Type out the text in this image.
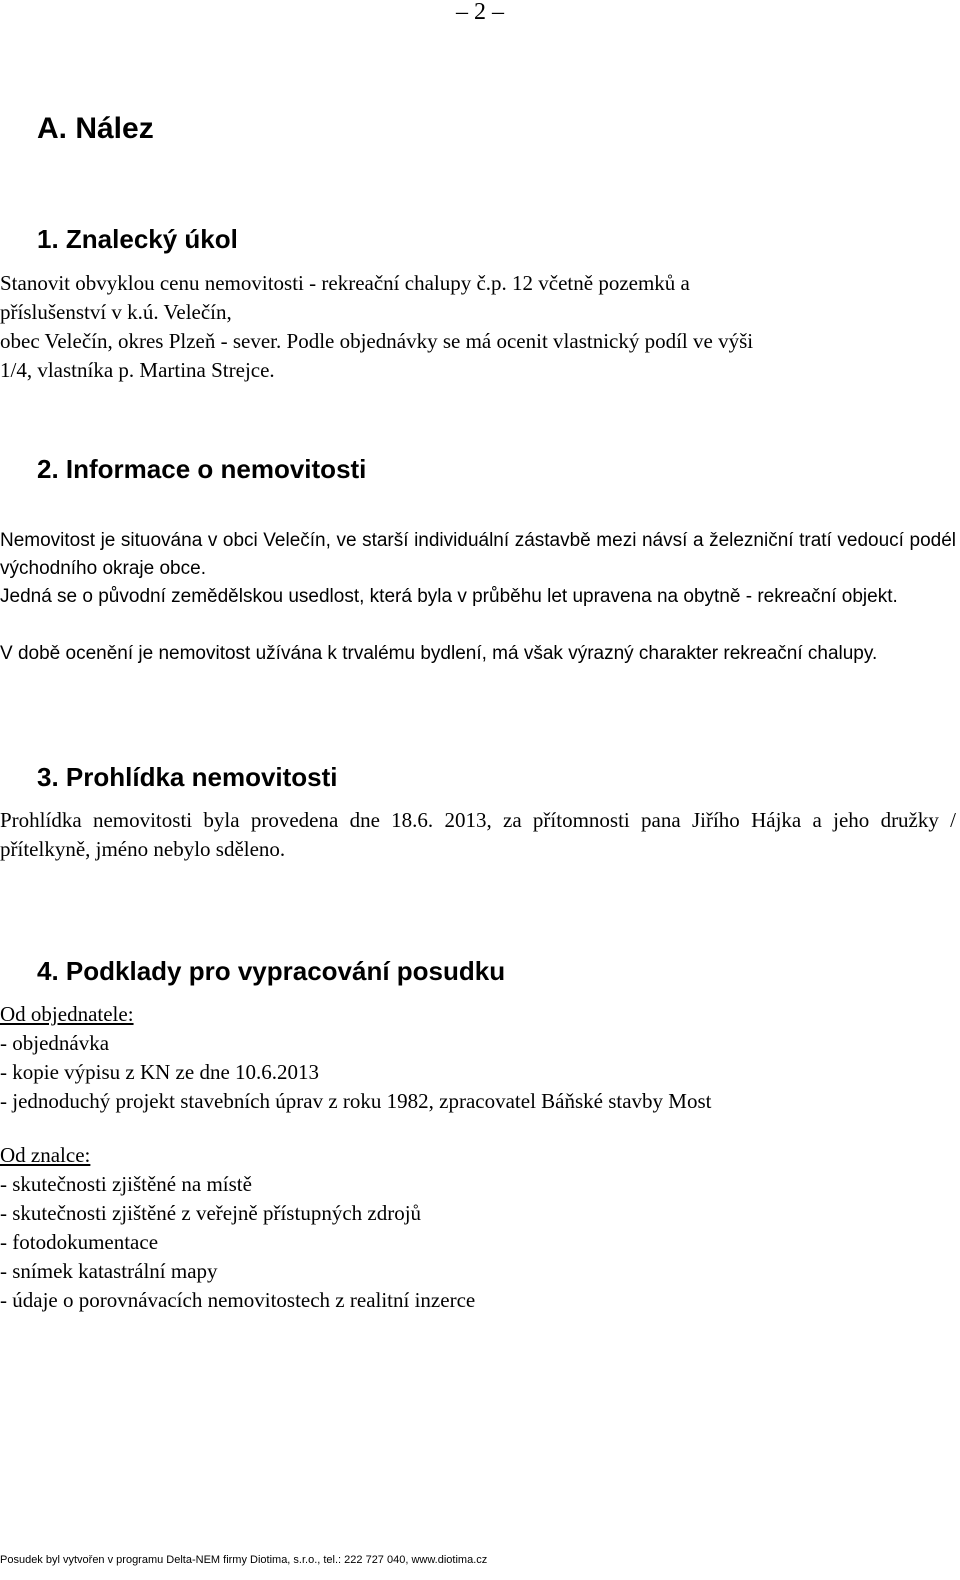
– 2 –
A. Nález
1. Znalecký úkol
Stanovit obvyklou cenu nemovitosti - rekreační chalupy č.p. 12 včetně pozemků a
příslušenství v k.ú. Velečín,
obec Velečín, okres Plzeň - sever. Podle objednávky se má ocenit vlastnický podíl ve výši
1/4, vlastníka p. Martina Strejce.
2. Informace o nemovitosti

Nemovitost je situována v obci Velečín, ve starší individuální zástavbě mezi návsí a železniční tratí vedoucí podél východního okraje obce.

Jedná se o původní zemědělskou usedlost, která byla v průběhu let upravena na obytně - rekreační objekt.

V době ocenění je nemovitost užívána k trvalému bydlení, má však výrazný charakter rekreační chalupy.

3. Prohlídka nemovitosti

Prohlídka nemovitosti byla provedena dne 18.6. 2013, za přítomnosti pana Jiřího Hájka a jeho družky / přítelkyně, jméno nebylo sděleno.

4. Podklady pro vypracování posudku
Od objednatele:
- objednávka
- kopie výpisu z KN ze dne 10.6.2013
- jednoduchý projekt stavebních úprav z roku 1982, zpracovatel Báňské stavby Most
Od znalce:
- skutečnosti zjištěné na místě
- skutečnosti zjištěné z veřejně přístupných zdrojů
- fotodokumentace
- snímek katastrální mapy
- údaje o porovnávacích nemovitostech z realitní inzerce
Posudek byl vytvořen v programu Delta-NEM firmy Diotima, s.r.o., tel.: 222 727 040, www.diotima.cz
